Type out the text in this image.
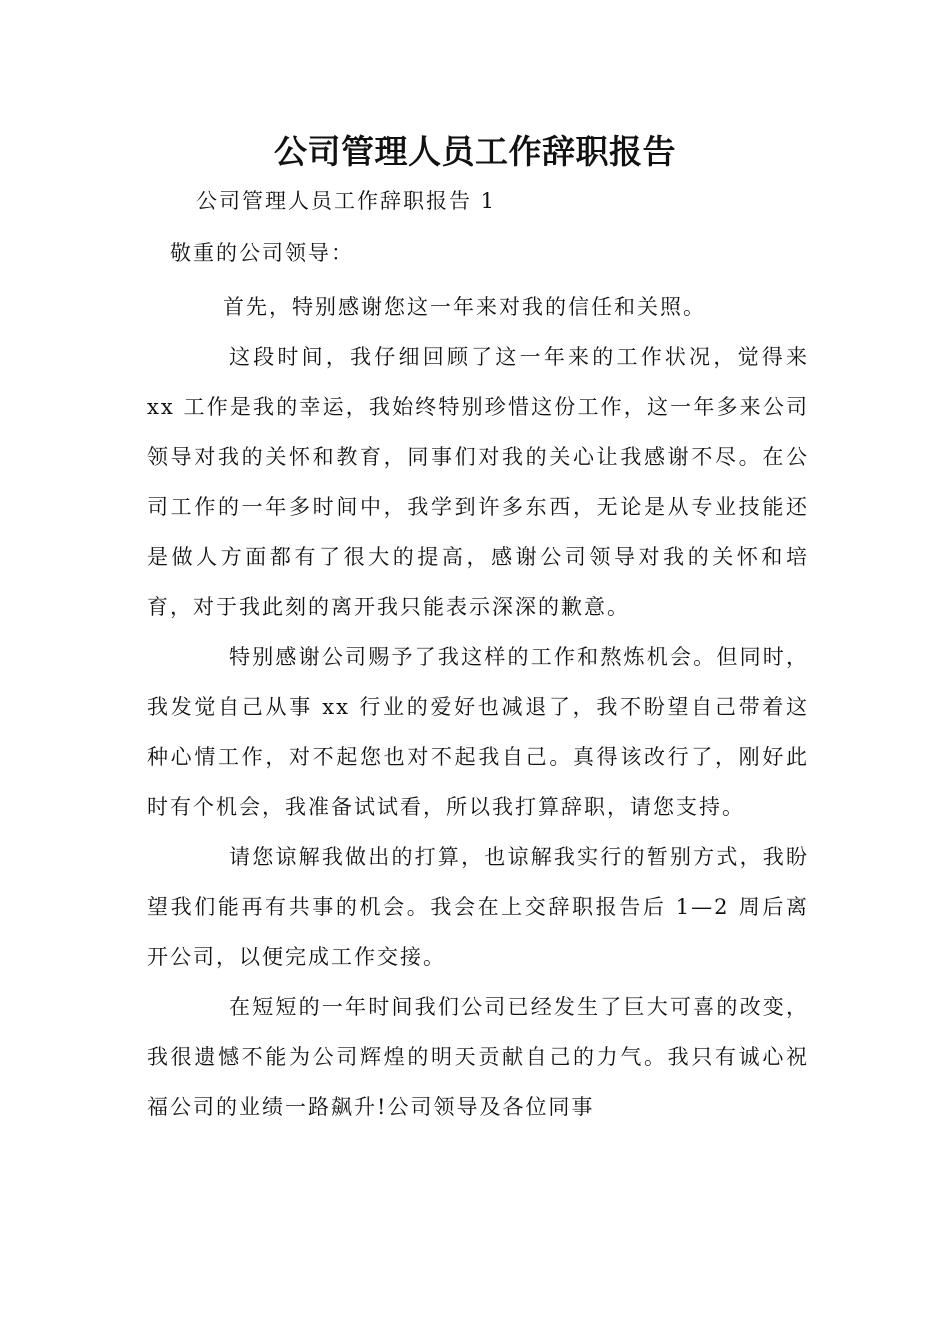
公司管理人员工作辞职报告

公司管理人员工作辞职报告 1

敬重的公司领导：

首先，特别感谢您这一年来对我的信任和关照。

这段时间，我仔细回顾了这一年来的工作状况，觉得来 xx 工作是我的幸运，我始终特别珍惜这份工作，这一年多来公司领导对我的关怀和教育，同事们对我的关心让我感谢不尽。在公司工作的一年多时间中，我学到许多东西，无论是从专业技能还是做人方面都有了很大的提高，感谢公司领导对我的关怀和培育，对于我此刻的离开我只能表示深深的歉意。

特别感谢公司赐予了我这样的工作和熬炼机会。但同时，我发觉自己从事 xx 行业的爱好也减退了，我不盼望自己带着这种心情工作，对不起您也对不起我自己。真得该改行了，刚好此时有个机会，我准备试试看，所以我打算辞职，请您支持。

请您谅解我做出的打算，也谅解我实行的暂别方式，我盼望我们能再有共事的机会。我会在上交辞职报告后 1—2 周后离开公司，以便完成工作交接。

在短短的一年时间我们公司已经发生了巨大可喜的改变，我很遗憾不能为公司辉煌的明天贡献自己的力气。我只有诚心祝福公司的业绩一路飙升!公司领导及各位同事
